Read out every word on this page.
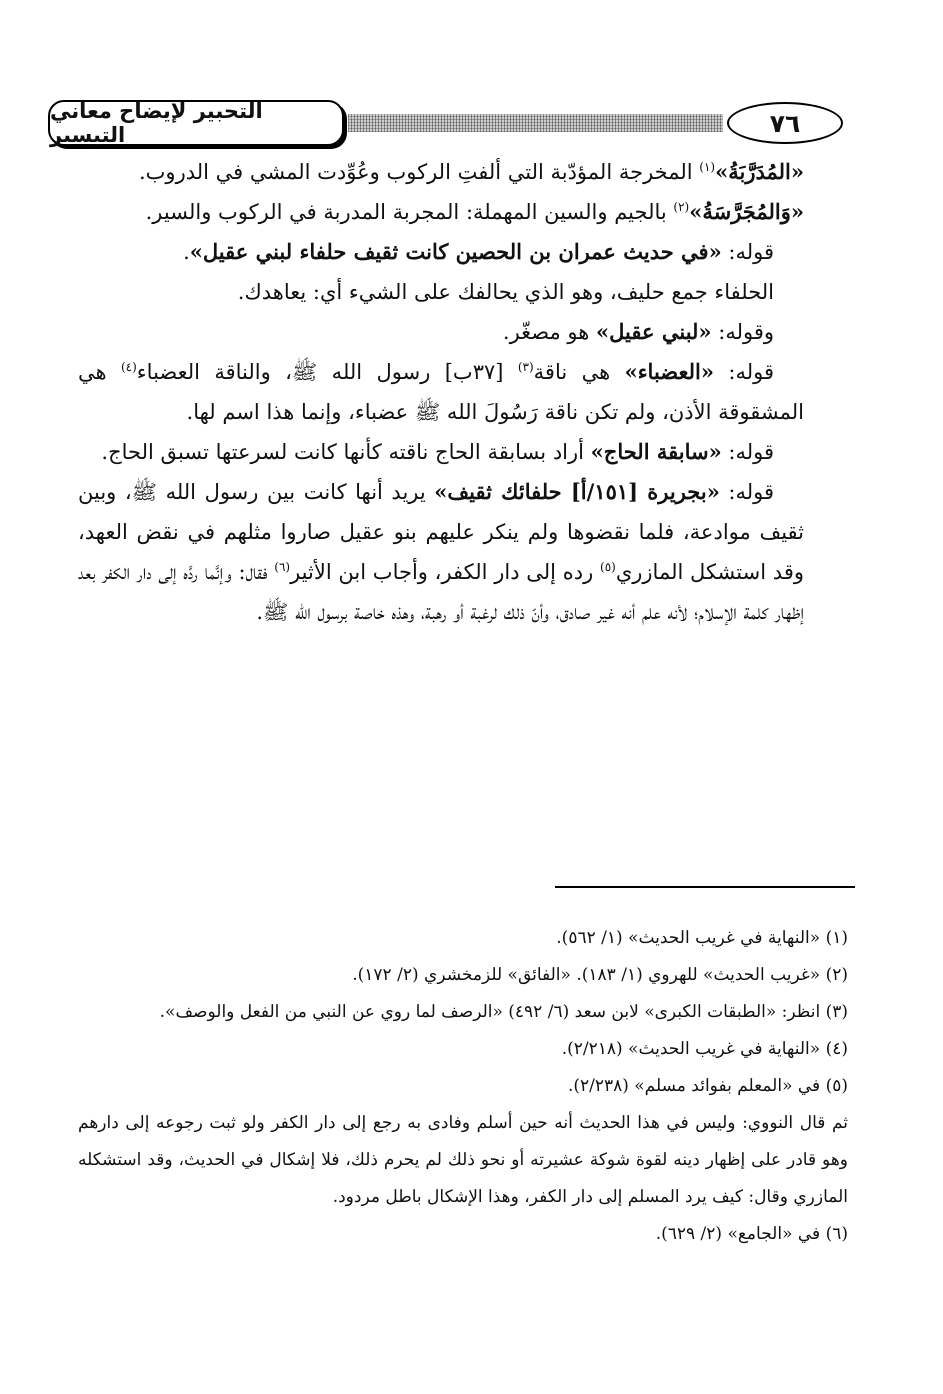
التحبير لإيضاح معاني التيسير	٧٦

«المُدَرَّبَةُ»$^{(١)}$ المخرجة المؤدّبة التي ألفتِ الركوب وعُوِّدت المشي في الدروب.

«وَالمُجَرَّسَةُ»$^{(٢)}$ بالجيم والسين المهملة: المجربة المدربة في الركوب والسير.

قوله: «في حديث عمران بن الحصين كانت ثقيف حلفاء لبني عقيل».

الحلفاء جمع حليف، وهو الذي يحالفك على الشيء أي: يعاهدك.

وقوله: «لبني عقيل» هو مصغّر.

قوله: «العضباء» هي ناقة$^{(٣)}$ [٣٧ب] رسول الله ﷺ، والناقة العضباء$^{(٤)}$ هي المشقوقة الأذن، ولم تكن ناقة رَسُولَ الله ﷺ عضباء، وإنما هذا اسم لها.

قوله: «سابقة الحاج» أراد بسابقة الحاج ناقته كأنها كانت لسرعتها تسبق الحاج.

قوله: «بجريرة [١٥١/أ] حلفائك ثقيف» يريد أنها كانت بين رسول الله ﷺ، وبين ثقيف موادعة، فلما نقضوها ولم ينكر عليهم بنو عقيل صاروا مثلهم في نقض العهد، وقد استشكل المازري$^{(٥)}$ رده إلى دار الكفر، وأجاب ابن الأثير$^{(٦)}$ فقال: وإنَّما ردَّه إلى دار الكفر بعد إظهار كلمة الإسلام؛ لأنه علم أنه غير صادق، وأنّ ذلك لرغبة أو رهبة، وهذه خاصة برسول الله ﷺ.

(١) «النهاية في غريب الحديث» (١/ ٥٦٢).

(٢) «غريب الحديث» للهروي (١/ ١٨٣). «الفائق» للزمخشري (٢/ ١٧٢).

(٣) انظر: «الطبقات الكبرى» لابن سعد (٦/ ٤٩٢) «الرصف لما روي عن النبي من الفعل والوصف».

(٤) «النهاية في غريب الحديث» (٢/٢١٨).

(٥) في «المعلم بفوائد مسلم» (٢/٢٣٨).

ثم قال النووي: وليس في هذا الحديث أنه حين أسلم وفادى به رجع إلى دار الكفر ولو ثبت رجوعه إلى دارهم وهو قادر على إظهار دينه لقوة شوكة عشيرته أو نحو ذلك لم يحرم ذلك، فلا إشكال في الحديث، وقد استشكله المازري وقال: كيف يرد المسلم إلى دار الكفر، وهذا الإشكال باطل مردود.

(٦) في «الجامع» (٢/ ٦٢٩).
